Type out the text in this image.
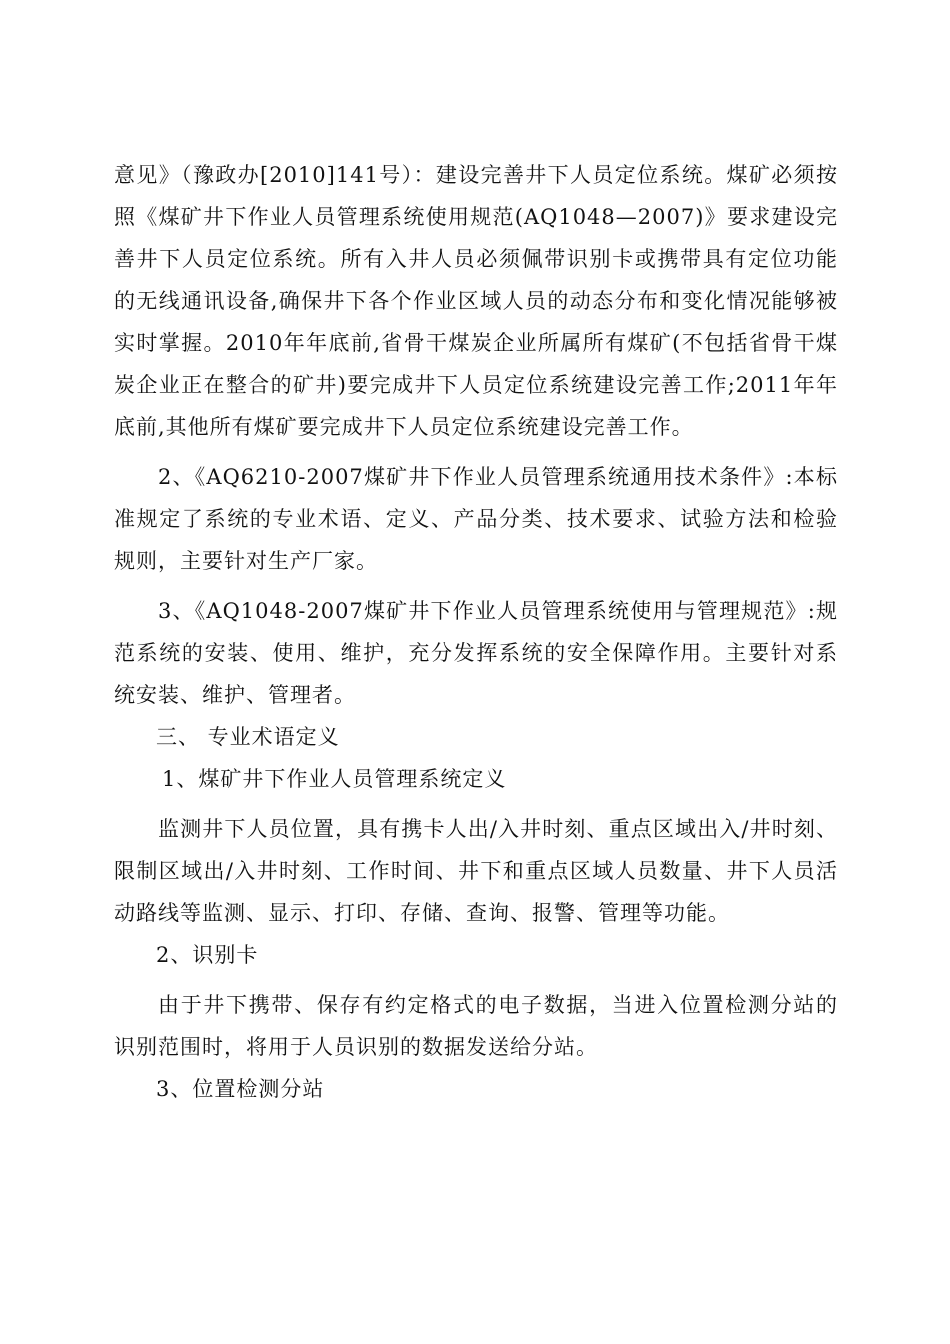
意见》（豫政办[2010]141号）：建设完善井下人员定位系统。煤矿必须按照《煤矿井下作业人员管理系统使用规范(AQ1048—2007)》要求建设完善井下人员定位系统。所有入井人员必须佩带识别卡或携带具有定位功能的无线通讯设备,确保井下各个作业区域人员的动态分布和变化情况能够被实时掌握。2010年年底前,省骨干煤炭企业所属所有煤矿(不包括省骨干煤炭企业正在整合的矿井)要完成井下人员定位系统建设完善工作;2011年年底前,其他所有煤矿要完成井下人员定位系统建设完善工作。

2、《AQ6210-2007煤矿井下作业人员管理系统通用技术条件》:本标准规定了系统的专业术语、定义、产品分类、技术要求、试验方法和检验规则，主要针对生产厂家。

3、《AQ1048-2007煤矿井下作业人员管理系统使用与管理规范》:规范系统的安装、使用、维护，充分发挥系统的安全保障作用。主要针对系统安装、维护、管理者。

三、 专业术语定义

1、煤矿井下作业人员管理系统定义

监测井下人员位置，具有携卡人出/入井时刻、重点区域出入/井时刻、限制区域出/入井时刻、工作时间、井下和重点区域人员数量、井下人员活动路线等监测、显示、打印、存储、查询、报警、管理等功能。

2、识别卡

由于井下携带、保存有约定格式的电子数据，当进入位置检测分站的识别范围时，将用于人员识别的数据发送给分站。

3、位置检测分站
